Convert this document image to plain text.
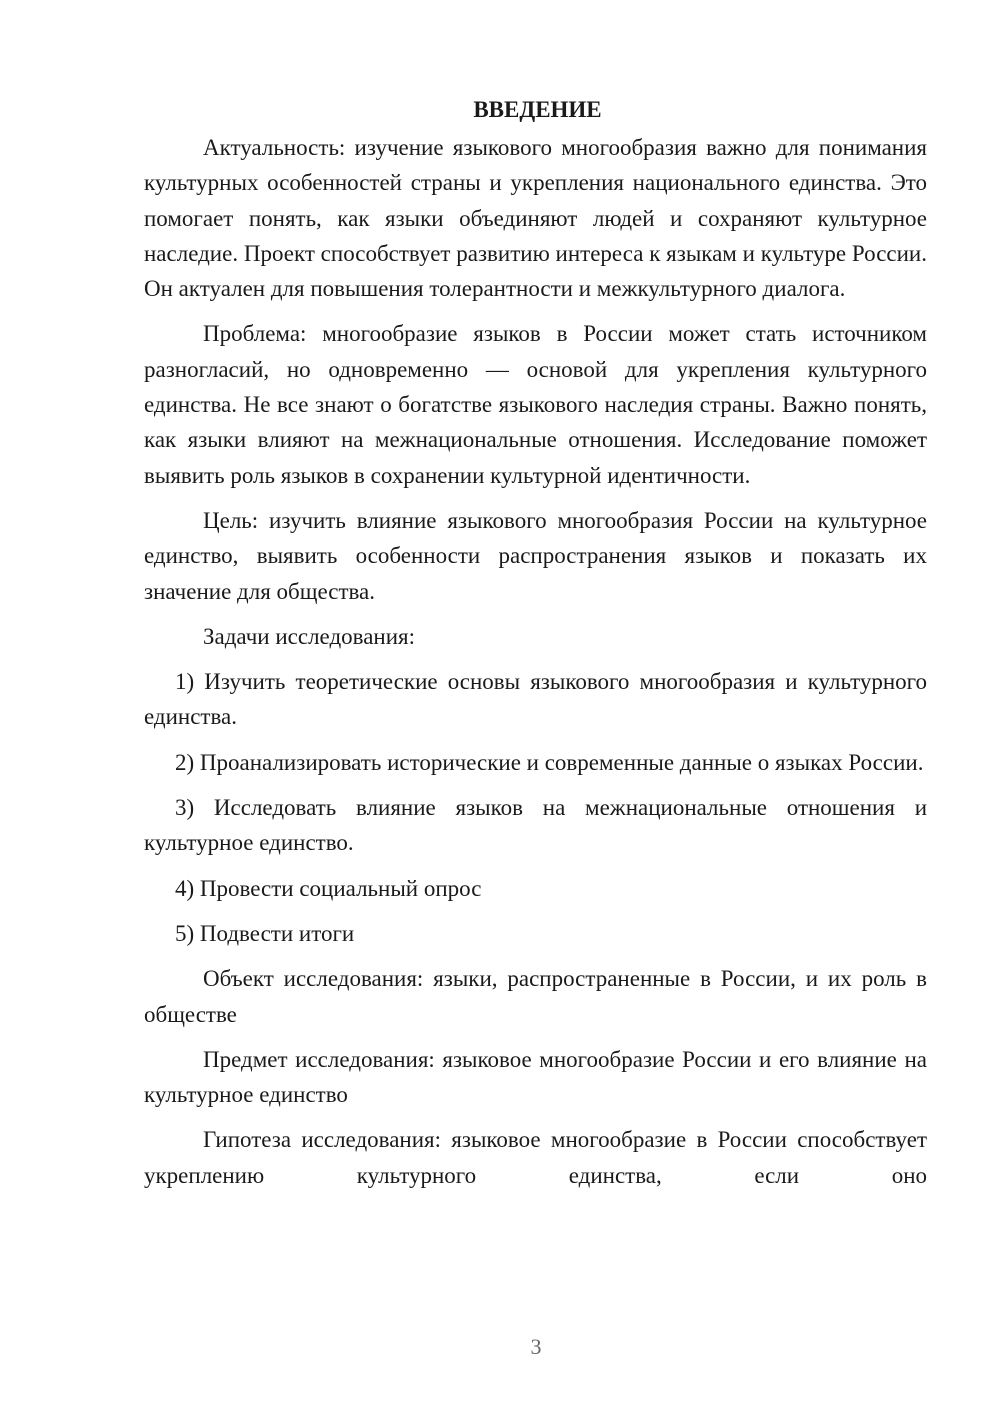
ВВЕДЕНИЕ

Актуальность: изучение языкового многообразия важно для понимания культурных особенностей страны и укрепления национального единства. Это помогает понять, как языки объединяют людей и сохраняют культурное наследие. Проект способствует развитию интереса к языкам и культуре России. Он актуален для повышения толерантности и межкультурного диалога.

Проблема: многообразие языков в России может стать источником разногласий, но одновременно — основой для укрепления культурного единства. Не все знают о богатстве языкового наследия страны. Важно понять, как языки влияют на межнациональные отношения. Исследование поможет выявить роль языков в сохранении культурной идентичности.

Цель: изучить влияние языкового многообразия России на культурное единство, выявить особенности распространения языков и показать их значение для общества.

Задачи исследования:

1) Изучить теоретические основы языкового многообразия и культурного единства.

2) Проанализировать исторические и современные данные о языках России.

3) Исследовать влияние языков на межнациональные отношения и культурное единство.

4) Провести социальный опрос

5) Подвести итоги

Объект исследования: языки, распространенные в России, и их роль в обществе

Предмет исследования: языковое многообразие России и его влияние на культурное единство

Гипотеза исследования: языковое многообразие в России способствует укреплению культурного единства, если оно

3
